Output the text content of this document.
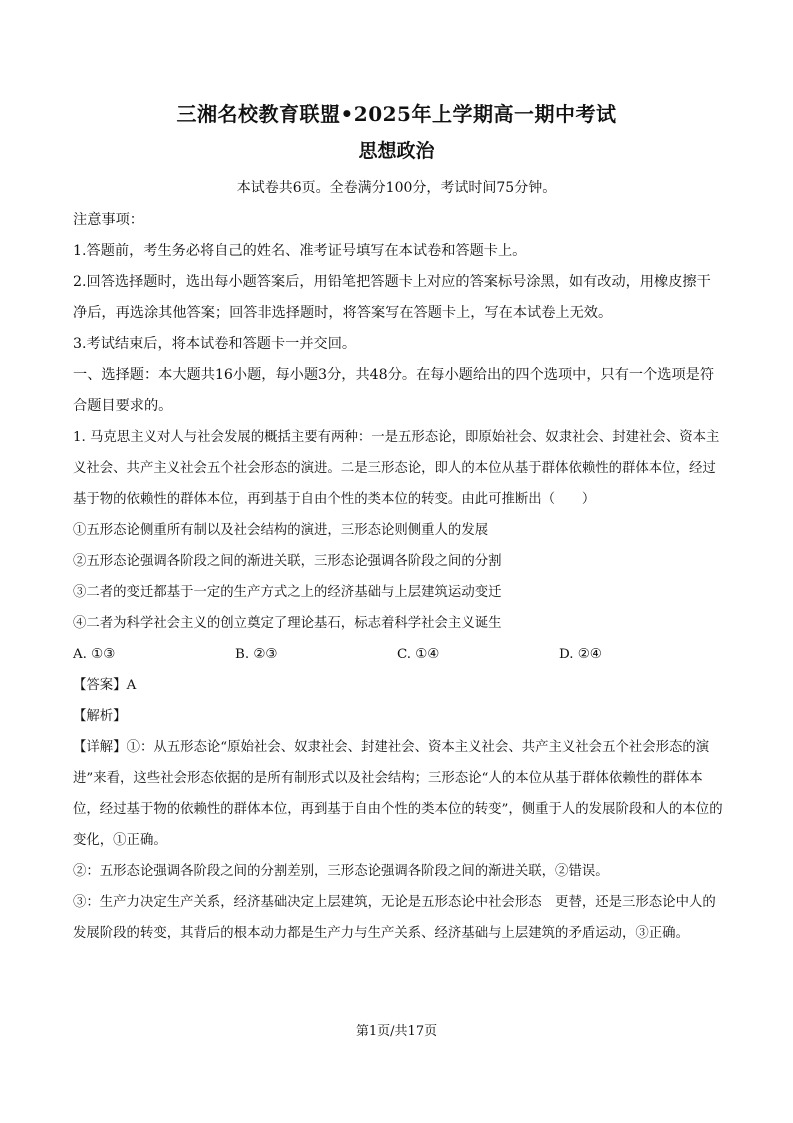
三湘名校教育联盟•2025年上学期高一期中考试
思想政治
本试卷共6页。全卷满分100分，考试时间75分钟。

注意事项：

1.答题前，考生务必将自己的姓名、准考证号填写在本试卷和答题卡上。

2.回答选择题时，选出每小题答案后，用铅笔把答题卡上对应的答案标号涂黑，如有改动，用橡皮擦干净后，再选涂其他答案；回答非选择题时，将答案写在答题卡上，写在本试卷上无效。

3.考试结束后，将本试卷和答题卡一并交回。

一、选择题：本大题共16小题，每小题3分，共48分。在每小题给出的四个选项中，只有一个选项是符合题目要求的。

1. 马克思主义对人与社会发展的概括主要有两种：一是五形态论，即原始社会、奴隶社会、封建社会、资本主义社会、共产主义社会五个社会形态的演进。二是三形态论，即人的本位从基于群体依赖性的群体本位，经过基于物的依赖性的群体本位，再到基于自由个性的类本位的转变。由此可推断出（　　）

①五形态论侧重所有制以及社会结构的演进，三形态论则侧重人的发展

②五形态论强调各阶段之间的渐进关联，三形态论强调各阶段之间的分割

③二者的变迁都基于一定的生产方式之上的经济基础与上层建筑运动变迁

④二者为科学社会主义的创立奠定了理论基石，标志着科学社会主义诞生

A. ①③	B. ②③	C. ①④	D. ②④

【答案】A

【解析】

【详解】①：从五形态论“原始社会、奴隶社会、封建社会、资本主义社会、共产主义社会五个社会形态的演进”来看，这些社会形态依据的是所有制形式以及社会结构；三形态论“人的本位从基于群体依赖性的群体本位，经过基于物的依赖性的群体本位，再到基于自由个性的类本位的转变”，侧重于人的发展阶段和人的本位的变化，①正确。

②：五形态论强调各阶段之间的分割差别，三形态论强调各阶段之间的渐进关联，②错误。

③：生产力决定生产关系，经济基础决定上层建筑，无论是五形态论中社会形态　更替，还是三形态论中人的发展阶段的转变，其背后的根本动力都是生产力与生产关系、经济基础与上层建筑的矛盾运动，③正确。

第1页/共17页
